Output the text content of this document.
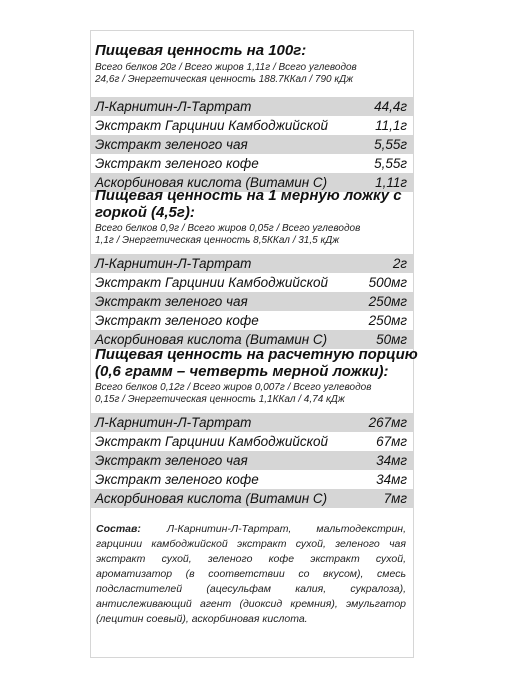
Пищевая ценность на 100г:
Всего белков 20г / Всего жиров 1,11г / Всего углеводов
24,6г / Энергетическая ценность 188.7ККал / 790 кДж
Л-Карнитин-Л-Тартрат	44,4г
Экстракт Гарцинии Камбоджийской	11,1г
Экстракт зеленого чая	5,55г
Экстракт зеленого кофе	5,55г
Аскорбиновая кислота (Витамин С)	1,11г
Пищевая ценность на 1 мерную ложку с
горкой (4,5г):
Всего белков 0,9г / Всего жиров 0,05г / Всего углеводов
1,1г / Энергетическая ценность 8,5ККал / 31,5 кДж
Л-Карнитин-Л-Тартрат	2г
Экстракт Гарцинии Камбоджийской	500мг
Экстракт зеленого чая	250мг
Экстракт зеленого кофе	250мг
Аскорбиновая кислота (Витамин С)	50мг
Пищевая ценность на расчетную порцию
(0,6 грамм – четверть мерной ложки):
Всего белков 0,12г / Всего жиров 0,007г / Всего углеводов
0,15г / Энергетическая ценность 1,1ККал / 4,74 кДж
Л-Карнитин-Л-Тартрат	267мг
Экстракт Гарцинии Камбоджийской	67мг
Экстракт зеленого чая	34мг
Экстракт зеленого кофе	34мг
Аскорбиновая кислота (Витамин С)	7мг
Состав: Л-Карнитин-Л-Тартрат, мальтодекстрин, гарцинии камбоджийской экстракт сухой, зеленого чая экстракт сухой, зеленого кофе экстракт сухой, ароматизатор (в соответствии со вкусом), смесь подсластителей (ацесульфам калия, сукралоза), антислеживающий агент (диоксид кремния), эмульгатор (лецитин соевый), аскорбиновая кислота.
